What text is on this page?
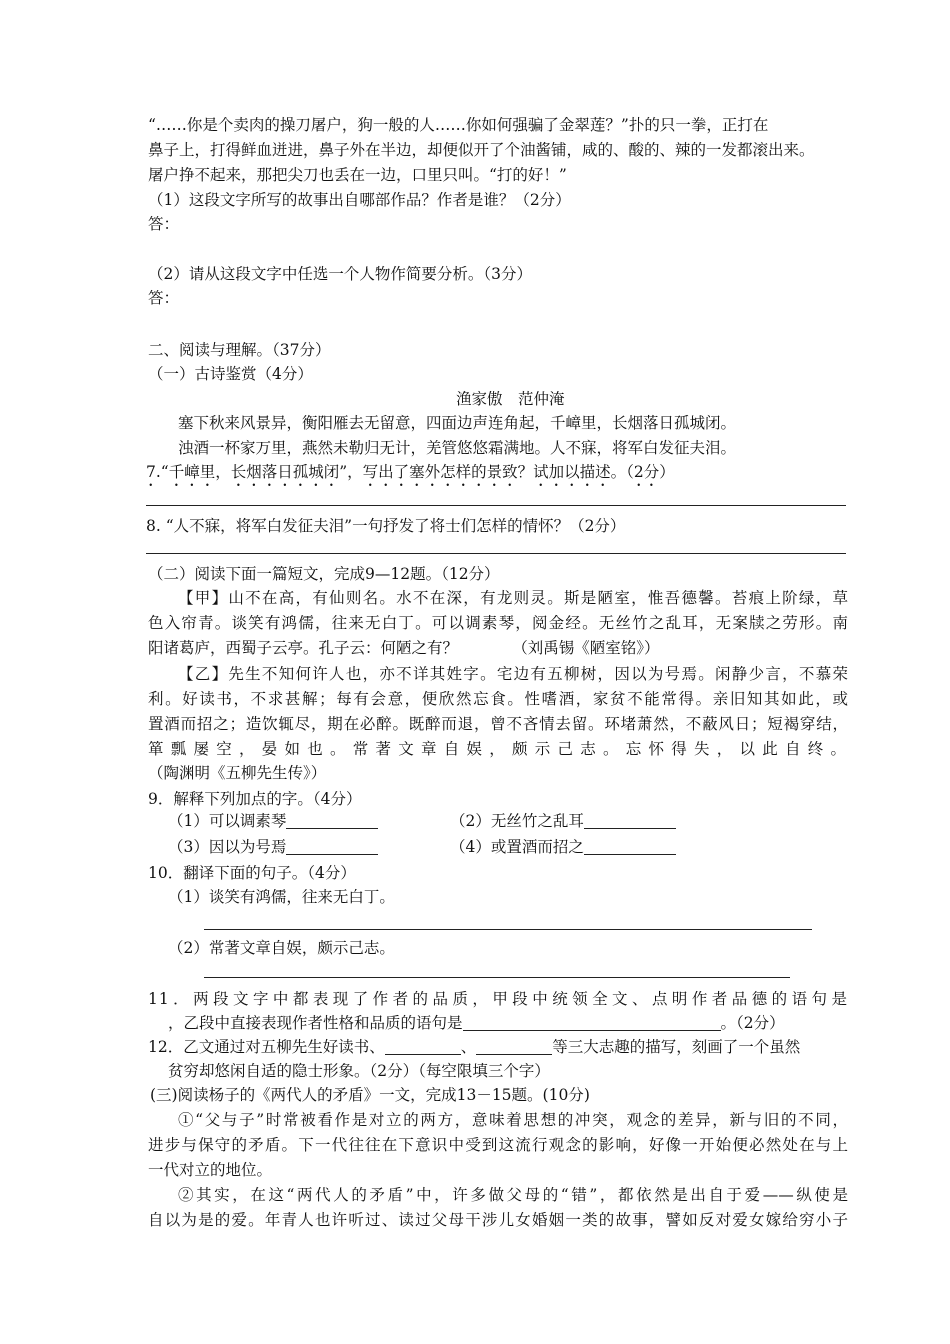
“……你是个卖肉的操刀屠户，狗一般的人……你如何强骗了金翠莲？”扑的只一拳，正打在
鼻子上，打得鲜血迸进，鼻子外在半边，却便似开了个油酱铺，咸的、酸的、辣的一发都滚出来。
屠户挣不起来，那把尖刀也丢在一边，口里只叫。“打的好！”
（1）这段文字所写的故事出自哪部作品？作者是谁？（2分）
答：
（2）请从这段文字中任选一个人物作简要分析。（3分）
答：
二、阅读与理解。（37分）
（一）古诗鉴赏（4分）
渔家傲　范仲淹
塞下秋来风景异，衡阳雁去无留意，四面边声连角起，千嶂里，长烟落日孤城闭。
浊酒一杯家万里，燕然未勒归无计，羌管悠悠霜满地。人不寐，将军白发征夫泪。
7.“千嶂里，长烟落日孤城闭”，写出了塞外怎样的景致？试加以描述。（2分）
8. “人不寐，将军白发征夫泪”一句抒发了将士们怎样的情怀？（2分）
（二）阅读下面一篇短文，完成9—12题。（12分）
【甲】山不在高，有仙则名。水不在深，有龙则灵。斯是陋室，惟吾德馨。苔痕上阶绿，草
色入帘青。谈笑有鸿儒，往来无白丁。可以调素琴，阅金经。无丝竹之乱耳，无案牍之劳形。南
阳诸葛庐，西蜀子云亭。孔子云：何陋之有？　　　　（刘禹锡《陋室铭》）
【乙】先生不知何许人也，亦不详其姓字。宅边有五柳树，因以为号焉。闲静少言，不慕荣
利。好读书，不求甚解；每有会意，便欣然忘食。性嗜酒，家贫不能常得。亲旧知其如此，或
置酒而招之；造饮辄尽，期在必醉。既醉而退，曾不吝情去留。环堵萧然，不蔽风日；短褐穿结，
箪瓢屡空，晏如也。常著文章自娱，颇示己志。忘怀得失，以此自终。
（陶渊明《五柳先生传》）
9．解释下列加点的字。（4分）
（1）可以调素琴	（2）无丝竹之乱耳
（3）因以为号焉	（4）或置酒而招之
10．翻译下面的句子。（4分）
（1）谈笑有鸿儒，往来无白丁。
（2）常著文章自娱，颇示己志。
11．两段文字中都表现了作者的品质，甲段中统领全文、点明作者品德的语句是
，乙段中直接表现作者性格和品质的语句是	。（2分）
12．乙文通过对五柳先生好读书、	、	等三大志趣的描写，刻画了一个虽然
贫穷却悠闲自适的隐士形象。（2分）（每空限填三个字）
(三)阅读杨子的《两代人的矛盾》一文，完成13－15题。(10分)
①“父与子”时常被看作是对立的两方，意味着思想的冲突，观念的差异，新与旧的不同，
进步与保守的矛盾。下一代往往在下意识中受到这流行观念的影响，好像一开始便必然处在与上
一代对立的地位。
②其实，在这“两代人的矛盾”中，许多做父母的“错”，都依然是出自于爱——纵使是
自以为是的爱。年青人也许听过、读过父母干涉儿女婚姻一类的故事，譬如反对爱女嫁给穷小子
